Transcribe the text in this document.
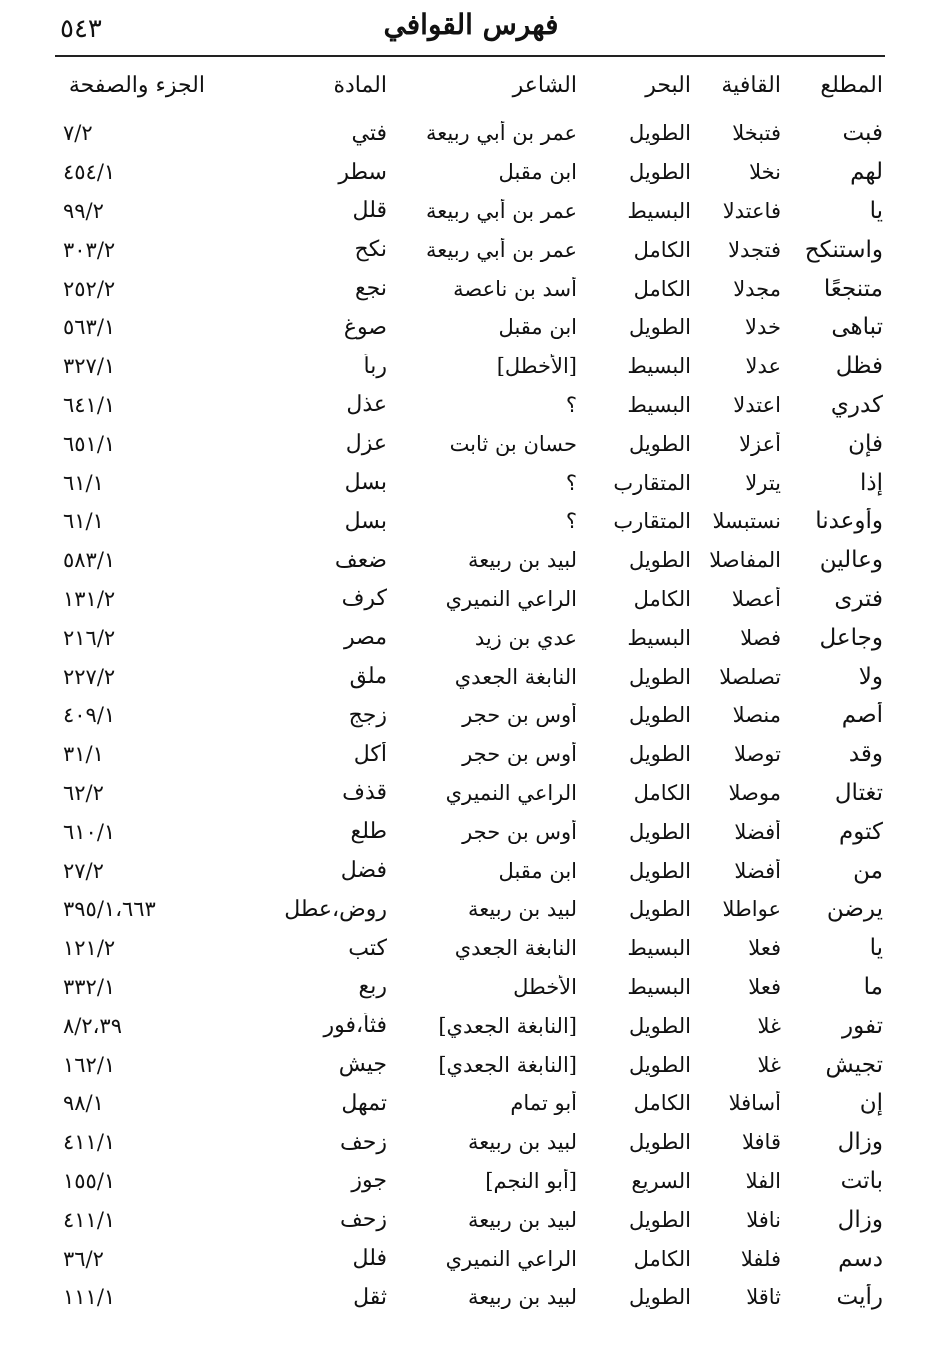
٥٤٣	فهرس القوافي
المطلع
القافية
البحر
الشاعر
المادة
الجزء والصفحة
فبت
فتبخلا
الطويل
عمر بن أبي ربيعة
فتي
٧/٢
لهم
نخلا
الطويل
ابن مقبل
سطر
٤٥٤/١
يا
فاعتدلا
البسيط
عمر بن أبي ربيعة
قلل
٩٩/٢
واستنكح
فتجدلا
الكامل
عمر بن أبي ربيعة
نكح
٣٠٣/٢
متنجعًا
مجدلا
الكامل
أسد بن ناعصة
نجع
٢٥٢/٢
تباهى
خدلا
الطويل
ابن مقبل
صوغ
٥٦٣/١
فظل
عدلا
البسيط
[الأخطل]
ربأ
٣٢٧/١
كدري
اعتدلا
البسيط
؟
عذل
٦٤١/١
فإن
أعزلا
الطويل
حسان بن ثابت
عزل
٦٥١/١
إذا
يترلا
المتقارب
؟
بسل
٦١/١
وأوعدنا
نستبسلا
المتقارب
؟
بسل
٦١/١
وعالين
المفاصلا
الطويل
لبيد بن ربيعة
ضعف
٥٨٣/١
فترى
أعصلا
الكامل
الراعي النميري
كرف
١٣١/٢
وجاعل
فصلا
البسيط
عدي بن زيد
مصر
٢١٦/٢
ولا
تصلصلا
الطويل
النابغة الجعدي
ملق
٢٢٧/٢
أصم
منصلا
الطويل
أوس بن حجر
زجج
٤٠٩/١
وقد
توصلا
الطويل
أوس بن حجر
أكل
٣١/١
تغتال
موصلا
الكامل
الراعي النميري
قذف
٦٢/٢
كتوم
أفضلا
الطويل
أوس بن حجر
طلع
٦١٠/١
من
أفضلا
الطويل
ابن مقبل
فضل
٢٧/٢
يرضن
عواطلا
الطويل
لبيد بن ربيعة
روض،عطل
٣٩٥/١،٦٦٣
يا
فعلا
البسيط
النابغة الجعدي
كتب
١٢١/٢
ما
فعلا
البسيط
الأخطل
ربع
٣٣٢/١
تفور
غلا
الطويل
[النابغة الجعدي]
فثأ،فور
٨/٢،٣٩
تجيش
غلا
الطويل
[النابغة الجعدي]
جيش
١٦٢/١
إن
أسافلا
الكامل
أبو تمام
تمهل
٩٨/١
وزال
قافلا
الطويل
لبيد بن ربيعة
زحف
٤١١/١
باتت
الفلا
السريع
[أبو النجم]
جوز
١٥٥/١
وزال
نافلا
الطويل
لبيد بن ربيعة
زحف
٤١١/١
دسم
فلفلا
الكامل
الراعي النميري
فلل
٣٦/٢
رأيت
ثاقلا
الطويل
لبيد بن ربيعة
ثقل
١١١/١
